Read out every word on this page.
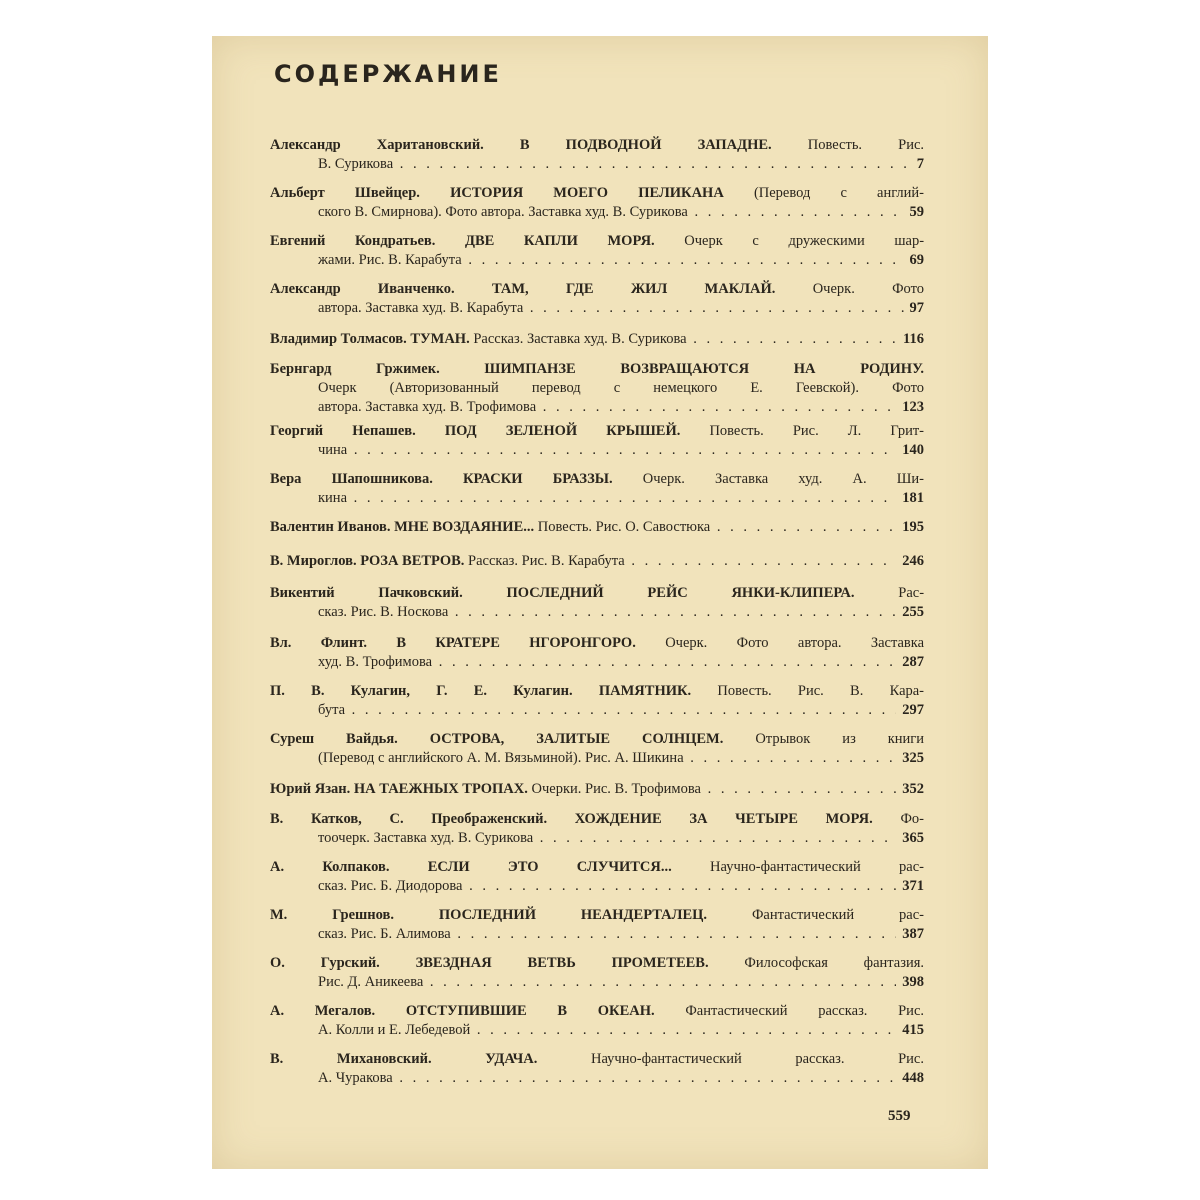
СОДЕРЖАНИЕ
Александр Харитановский. В ПОДВОДНОЙ ЗАПАДНЕ. Повесть. Рис.
В. Сурикова . . .	7
Альберт Швейцер. ИСТОРИЯ МОЕГО ПЕЛИКАНА (Перевод с англий-
ского В. Смирнова). Фото автора. Заставка худ. В. Сурикова . . .	59
Евгений Кондратьев. ДВЕ КАПЛИ МОРЯ. Очерк с дружескими шар-
жами. Рис. В. Карабута . . .	69
Александр Иванченко.	ТАМ, ГДЕ ЖИЛ МАКЛАЙ.	Очерк. Фото
автора. Заставка худ. В. Карабута . . .	97
Владимир Толмасов. ТУМАН. Рассказ. Заставка худ. В. Сурикова . . .	116
Бернгард Гржимек.	ШИМПАНЗЕ ВОЗВРАЩАЮТСЯ НА РОДИНУ.
Очерк (Авторизованный перевод с немецкого Е. Геевской). Фото
автора. Заставка худ. В. Трофимова . . .	123
Георгий Непашев. ПОД ЗЕЛЕНОЙ КРЫШЕЙ. Повесть. Рис. Л. Грит-
чина . . .	140
Вера Шапошникова. КРАСКИ БРАЗЗЫ. Очерк. Заставка худ. А. Ши-
кина . . .	181
Валентин Иванов. МНЕ ВОЗДАЯНИЕ... Повесть. Рис. О. Савостюка . . .	195
В. Мироглов. РОЗА ВЕТРОВ. Рассказ. Рис. В. Карабута . . .	246
Викентий Пачковский.	ПОСЛЕДНИЙ РЕЙС ЯНКИ-КЛИПЕРА.	Рас-
сказ. Рис. В. Носкова . . .	255
Вл. Флинт. В КРАТЕРЕ НГОРОНГОРО. Очерк. Фото автора. Заставка
худ. В. Трофимова . . .	287
П. В. Кулагин, Г. Е. Кулагин. ПАМЯТНИК. Повесть. Рис. В. Кара-
бута . . .	297
Суреш Вайдья. ОСТРОВА, ЗАЛИТЫЕ СОЛНЦЕМ. Отрывок из книги
(Перевод с английского А. М. Вязьминой). Рис. А. Шикина . . .	325
Юрий Язан. НА ТАЕЖНЫХ ТРОПАХ. Очерки. Рис. В. Трофимова . . .	352
В. Катков, С. Преображенский. ХОЖДЕНИЕ ЗА ЧЕТЫРЕ МОРЯ. Фо-
тоочерк. Заставка худ. В. Сурикова . . .	365
А. Колпаков.	ЕСЛИ ЭТО СЛУЧИТСЯ...	Научно-фантастический рас-
сказ. Рис. Б. Диодорова . . .	371
М. Грешнов.	ПОСЛЕДНИЙ НЕАНДЕРТАЛЕЦ.	Фантастический рас-
сказ. Рис. Б. Алимова . . .	387
О. Гурский. ЗВЕЗДНАЯ ВЕТВЬ ПРОМЕТЕЕВ. Философская фантазия.
Рис. Д. Аникеева . . .	398
А. Мегалов. ОТСТУПИВШИЕ В ОКЕАН. Фантастический рассказ. Рис.
А. Колли и Е. Лебедевой . . .	415
В. Михановский.	УДАЧА.	Научно-фантастический рассказ. Рис.
А. Чуракова . . .	448
559
